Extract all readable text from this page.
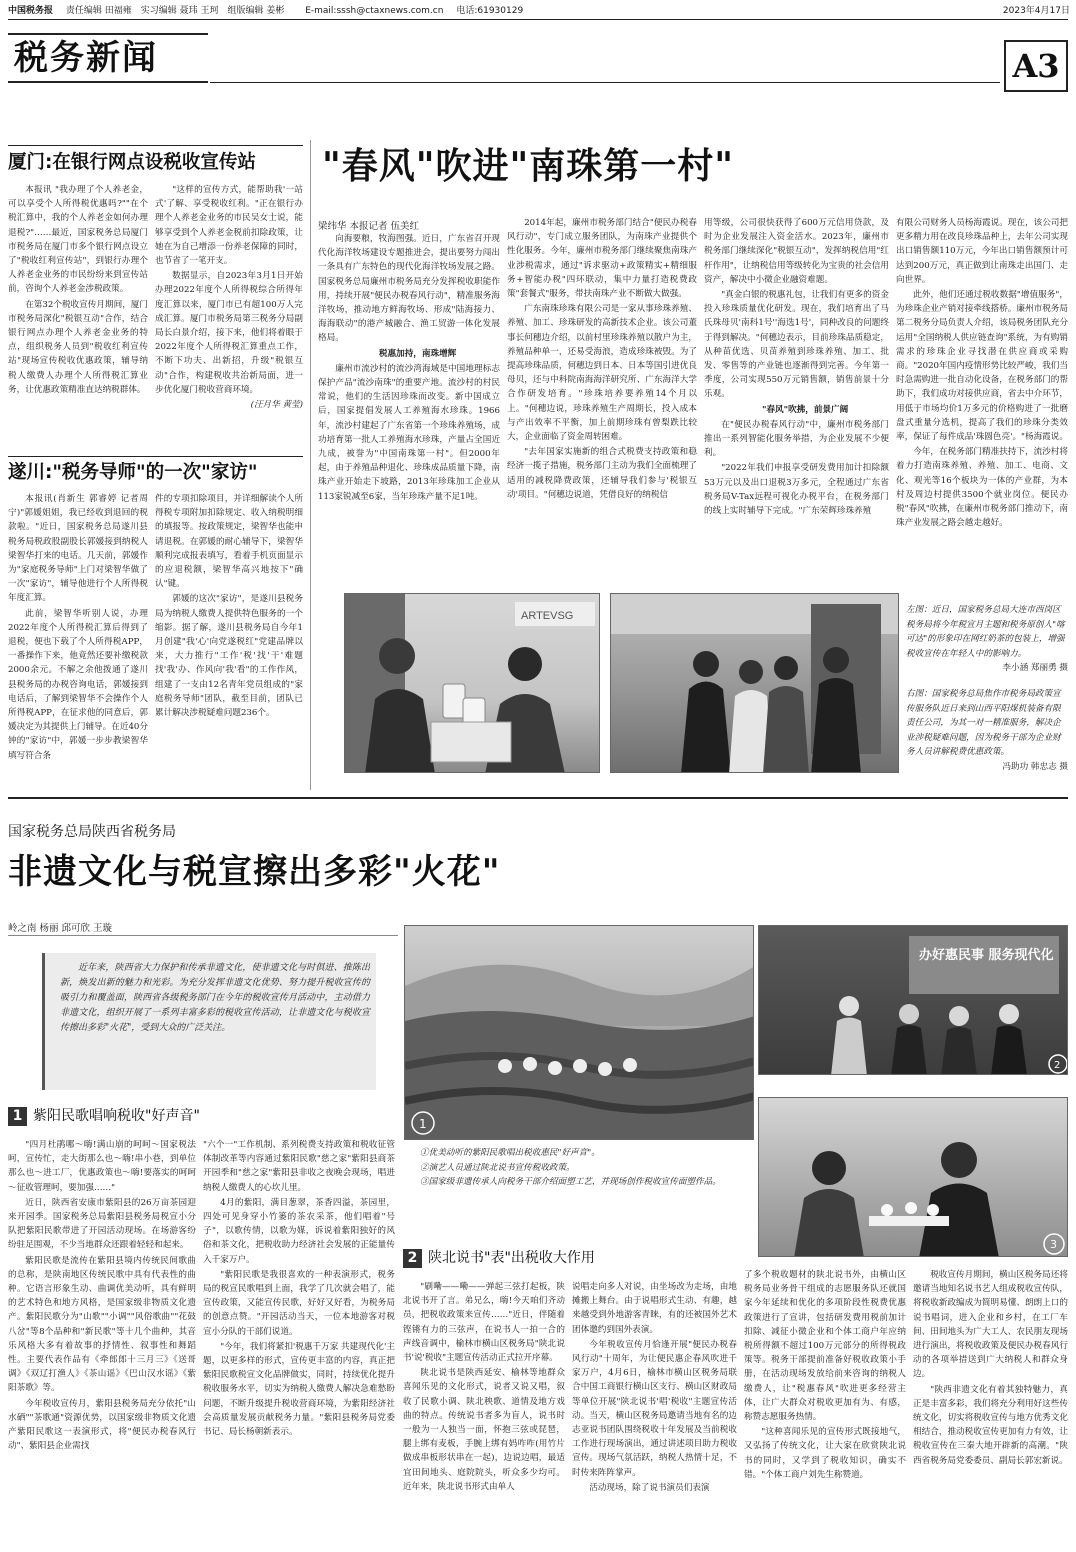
中国税务报 责任编辑 田福雍　实习编辑 聂玮 王珂　组版编辑 姜彬 E-mail:sssh@ctaxnews.com.cn 电话:61930129	2023年4月17日
税务新闻	A3
厦门:在银行网点设税收宣传站

本报讯 "我办理了个人养老金，可以享受个人所得税优惠吗?""在个税汇算中，我的个人养老金如何办理退税?"……最近，国家税务总局厦门市税务局在厦门市多个银行网点设立了"税收红利宣传站"，到银行办理个人养老金业务的市民纷纷来到宣传站前，咨询个人养老金涉税政策。

在第32个税收宣传月期间，厦门市税务局深化"税银互动"合作，结合银行网点办理个人养老金业务的特点，组织税务人员到"税收红利宣传站"现场宣传税收优惠政策，辅导纳税人缴费人办理个人所得税汇算业务，让优惠政策精准直达纳税群体。

"这样的宣传方式，能帮助我'一站式'了解、享受税收红利。"正在银行办理个人养老金业务的市民吴女士说，能够享受到个人养老金税前扣除政策，让她在为自己增添一份养老保障的同时，也节省了一笔开支。

数据显示，自2023年3月1日开始办理2022年度个人所得税综合所得年度汇算以来，厦门市已有超100万人完成汇算。厦门市税务局第三税务分局副局长白景介绍，接下来，他们将着眼于2022年度个人所得税汇算重点工作，不断下功夫、出新招，升级"税银互动"合作，构建税收共治新局面，进一步优化厦门税收营商环境。

(汪月华 黄莹)
遂川:"税务导师"的一次"家访"

本报讯(肖新生 郭睿婷 记者周宁)"郭媛姐姐，我已经收到退回的税款啦。"近日，国家税务总局遂川县税务局税政股副股长郭媛接到纳税人梁智华打来的电话。几天前，郭媛作为"家庭税务导师"上门对梁智华做了一次"家访"，辅导他进行个人所得税年度汇算。

此前，梁智华听别人说，办理2022年度个人所得税汇算后得到了退税，便也下载了个人所得税APP，一番操作下来，他竟然还要补缴税款2000余元。不解之余他拨通了遂川县税务局的办税咨询电话，郭媛接到电话后，了解到梁智华不会操作个人所得税APP，在征求他的同意后，郭媛决定为其提供上门辅导。在近40分钟的"家访"中，郭媛一步步教梁智华填写符合条

件的专项扣除项目，并详细解读个人所得税专项附加扣除规定、收入纳税明细的填报等。按政策规定，梁智华也能申请退税。在郭媛的耐心辅导下，梁智华顺利完成报表填写，看着手机页面显示的应退税额，梁智华高兴地按下"确认"键。

郭媛的这次"家访"，是遂川县税务局为纳税人缴费人提供特色服务的一个缩影。据了解，遂川县税务局自今年1月创建"我'心'向党遂税红"党建品牌以来，大力推行"工作'税'找'干'难题找'我'办、作风向'我'看"的工作作风，组建了一支由12名青年党员组成的"家庭税务导师"团队，截至目前，团队已累计解决涉税疑难问题236个。

"春风"吹进"南珠第一村"
梁纬华 本报记者 伍美红

向海要粮，牧海图强。近日，广东省召开现代化海洋牧场建设专题推进会，提出要努力闯出一条具有广东特色的现代化海洋牧场发展之路。国家税务总局廉州市税务局充分发挥税收职能作用，持续开展"便民办税春风行动"，精准服务海洋牧场，推动地方鲜海牧场、形成"陆海接力、海海联动"的港产城融合、渔工贸游一体化发展格局。

税惠加持，南珠增辉

廉州市流沙村的流沙湾海域是中国地理标志保护产品"流沙南珠"的重要产地。流沙村的村民常说，他们的生活因珍珠而改变。新中国成立后，国家提倡发展人工养殖海水珍珠。1966年，流沙村建起了广东省第一个珍珠养殖场，成功培育第一批人工养殖海水珍珠，产量占全国近九成，被誉为"中国南珠第一村"。但2000年起，由于养殖品种退化、珍珠成品质量下降，南珠产业开始走下坡路，2013年珍珠加工企业从113家锐减至6家，当年珍珠产量不足1吨。

2014年起，廉州市税务部门结合"便民办税春风行动"，专门成立服务团队，为南珠产业提供个性化服务。今年，廉州市税务部门继续聚焦南珠产业涉税需求，通过"诉求驱动+政策精实+精细服务+智能办税"四环联动，集中力量打造税费政策"套餐式"服务，带扶南珠产业不断做大做强。

广东南珠珍珠有限公司是一家从事珍珠养殖、养殖、加工、珍珠研发的高新技术企业。该公司董事长何穗边介绍，以前村里珍珠养殖以散户为主，养殖品种单一，还易受海浪，造成珍珠被毁。为了提高珍珠品质，何穗边到日本、日本等国引进优良母贝，还与中科院南海海洋研究所、广东海洋大学合作研发培育。"珍珠培养要养殖14个月以上。"何穗边说，珍珠养殖生产周期长，投入成本与产出效率不平衡，加上前期珍珠有曾梨跌比较大，企业面临了资金周转困难。

"去年国家实施新的组合式税费支持政策和稳经济一揽子措施，税务部门主动为我们全面梳理了适用的减税降费政策，还辅导我们参与'税银互动'项目。"何穗边说道，凭借良好的纳税信

用等级，公司很快获得了600万元信用贷款，及时为企业发展注入资金活水。2023年，廉州市税务部门继续深化"税银互动"，发挥纳税信用"红杆作用"，让纳税信用等级转化为宝贵的社会信用资产，解决中小微企业融资难题。

"真金白银的税惠礼包，让我们有更多的资金投入珍珠质量优化研发。现在，我们培育出了马氏珠母贝'南科1号''海选1号'，同种改良的问题终于得到解决。"何穗边表示，目前珍珠品质稳定，从种苗优选、贝苗养殖到珍珠养殖、加工、批发、零售等的产业链也逐渐得到完善。今年第一季度，公司实现550万元销售额，销售前景十分乐观。

"春风"吹拂，前景广阔

在"便民办税春风行动"中，廉州市税务部门推出一系列智能化服务举措，为企业发展不少便利。

"2022年我们申报享受研发费用加计扣除额53万元以及出口退税3万多元，全程通过广东省税务局V-Tax远程可视化办税平台，在税务部门的线上实时辅导下完成。"广东荣辉珍珠养殖

有限公司财务人员杨海霞说。现在，该公司把更多精力用在改良珍珠品种上，去年公司实现出口销售额110万元，今年出口销售额预计可达到200万元，真正做到让南珠走出国门、走向世界。

此外，他们还通过税收数据"增值服务"，为珍珠企业产销对接牵线搭桥。廉州市税务局第二税务分局负责人介绍，该局税务团队充分运用"全国纳税人供应链查询"系统，为有购销需求的珍珠企业寻找潜在供应商或采购商。"2020年国内疫情形势比较严峻，我们当时急需购进一批自动化设备，在税务部门的帮助下，我们成功对接供应商，省去中介环节，用低于市场均价1万多元的价格购进了一批磨盘式重量分选机，提高了我们的珍珠分类效率，保证了每件成品'珠圆色亮'。"杨海霞说。

今年，在税务部门精准扶持下，流沙村将着力打造南珠养殖、养殖、加工、电商、文化、观光等16个板块为一体的产业群，为本村及周边村提供3500个就业岗位。便民办税"春风"吹拂，在廉州市税务部门推动下，南珠产业发展之路会越走越好。

ARTEVSG	左图：近日，国家税务总局大连市西岗区税务局将今年税宣月主题和税务原创人"喀可达"的形象印在网红奶茶的包装上，增强税收宣传在年轻人中的影响力。
李小涵 郑丽勇 摄
右图：国家税务总局焦作市税务局政策宣传服务队近日来到山西平阳煤机装备有限责任公司，为其一对一精准服务，解决企业涉税疑难问题，因为税务干部为企业财务人员讲解税费优惠政策。
冯助功 韩忠志 摄
国家税务总局陕西省税务局
非遗文化与税宣擦出多彩"火花"
岭之南 杨丽 邱可欣 王璇
近年来，陕西省大力保护和传承非遗文化，使非遗文化与时俱进、推陈出新，焕发出新的魅力和光彩。为充分发挥非遗文化优势、努力提升税收宣传的吸引力和覆盖面，陕西省各级税务部门在今年的税收宣传月活动中，主动借力非遗文化，组织开展了一系列丰富多彩的税收宣传活动，让非遗文化与税收宣传擦出多彩"火花"，受到大众的广泛关注。
1 紫阳民歌唱响税收"好声音"

"四月杜鹃哪～嗨!满山崩的呵呵～国家税法呵，宣传忙，走大街那么也～嗨!串小巷，到单位那么也～进工厂，优惠政策也～嗨!要落实的呵呵～征收管理呵，要加强……"

近日，陕西省安康市紫阳县的26万亩茶园迎来开园季。国家税务总局紫阳县税务局税宣小分队把紫阳民歌带进了开园活动现场。在场游客纷纷驻足围观，不少当地群众还跟着轻轻和起来。

紫阳民歌是流传在紫阳县境内传统民间歌曲的总称，是陕南地区传统民歌中具有代表性的曲种。它语言形象生动、曲调优美动听，具有鲜明的艺术特色和地方风格，是国家级非物质文化遗产。紫阳民歌分为"山歌""小调""风俗歌曲""花鼓八岔"等8个品种和"新民歌"等十几个曲种，其音乐风格大多有着故事的抒情性、叙事性和舞蹈性。主要代表作品有《牵郎郎十三月三》《送哥调》《双辽打渔人》《茶山谣》《巴山汉水谣》《紫阳茶歌》等。

今年税收宣传月，紫阳县税务局充分依托"山水硒""茶歌通"资源优势，以国家级非物质文化遗产紫阳民歌这一表演形式，将"便民办税春风行动"、紫阳县企业需找

"六个一"工作机制、系列税费支持政策和税收征管体制改革等内容通过紫阳民歌"慈之家"紫阳县商茶开园季和"慈之家"紫阳县非收之夜晚会现场，唱进纳税人缴费人的心坎儿里。

4月的紫阳，满目葱翠，茶香四溢，茶园里，四处可见身穿小竹篓的茶农采茶，他们唱着"号子"，以歌传情，以歌为媒，诉说着紫阳独好的风俗和茶文化，把税收助力经济社会发展的正能量传入千家万户。

"紫阳民歌是我很喜欢的一种表演形式，税务局的税宣民歌唱到上面，我学了几次就会唱了，能宣传政策，又能宣传民歌，好好又好看，为税务局的创意点赞。"开园活动当天，一位本地游客对税宣小分队的干部们说道。

"今年，我们将紧扣'税惠千万家 共建现代化'主题，以更多样的形式，宣传更丰富的内容，真正把紫阳民歌税宣文化品牌做实，同时，持续优化提升税收服务水平，切实为纳税人缴费人解决急难愁盼问题，不断升级提升税收营商环境，为紫阳经济社会高质量发展贡献税务力量。"紫阳县税务局党委书记、局长杨朝新表示。

1
办好惠民事 服务现代化
2
3
①优美动听的紫阳民歌唱出税收惠民"好声音"。
②演艺人员通过陕北说书宣传税收政策。
③国家级非遗传承人向税务干部介绍面塑工艺，并现场创作税收宣传面塑作品。
2 陕北说书"表"出税收大作用

"刷嘞——嘞——弹起三弦打起板，陕北说书开了言。弟兄么，嗨!今天咱们齐动员，把税收政策来宣传……"近日，伴随着铿锵有力的三弦声，在说书人一拍一合的声线音调中，榆林市横山区税务局"陕北说书'说'税收"主题宣传活动正式拉开序幕。

陕北说书是陕西延安、榆林等地群众喜闻乐见的文化形式，说者又说又唱，叙收了民歌小调、陕北秧歌、道情及地方戏曲的特点。传统说书者多为盲人，说书时一般为一人独当一面，怀抱三弦或琵琶，腿上绑有麦板，手腕上绑有妈咋咋(用竹片做成串板形状串在一起)，边说边唱，最适宜田间地头、庭院院头，听众多少均可。近年来，陕北说书形式由单人

说唱走向多人对说，由坐场改为走场，由地摊搬上舞台。由于说唱形式生动、有趣，越来越受到外地游客青睐，有的还被国外艺术团体邀约到国外表演。

今年税收宣传月恰逢开展"便民办税春风行动"十周年，为让便民惠企春风吹进千家万户，4月6日，榆林市横山区税务局联合中国工商银行横山区支行、横山区财政局等单位开展"陕北说书'唱'税收"主题宣传活动。当天，横山区税务局邀请当地有名的边志亚说书团队围绕税收十年发展及当前税收工作进行现场演出，通过讲述项目助力税收宣传。现场气氛活跃，纳税人热情十足，不时传来阵阵掌声。

活动现场，除了说书演员们表演

了多个税收题材的陕北说书外，由横山区税务局业务骨干组成的志愿服务队还就国家今年延续和优化的多项阶段性税费优惠政策进行了宣讲，包括研发费用税前加计扣除、减征小微企业和个体工商户年应纳税所得额不超过100万元部分的所得税政策等。税务干部提前准备好税收政策小手册，在活动现场发放给前来咨询的纳税人缴费人，让"税惠春风"吹进更多经营主体，让广大群众对税收更加有为、有感，称赞志愿服务热情。

"这种喜闻乐见的宣传形式既接地气，又弘扬了传统文化，让大家在欣赏陕北说书的同时，又学到了税收知识，确实不错。"个体工商户刘先生称赞道。

税收宣传月期间，横山区税务局还将邀请当地知名说书艺人组成税收宣传队，将税收新政编成为简明易懂、朗朗上口的说书唱词，进入企业和乡村，在工厂车间、田间地头为广大工人、农民朋友现场进行演出，将税收政策及便民办税春风行动的各项举措送到广大纳税人和群众身边。

"陕西非遗文化有着其独特魅力，真正是丰富多彩，我们将充分利用好这些传统文化，切实将税收宣传与地方优秀文化相结合，推动税收宣传更加有力有效，让税收宣传在三秦大地开辟新的高潮。"陕西省税务局党委委员、副局长郭宏新说。
